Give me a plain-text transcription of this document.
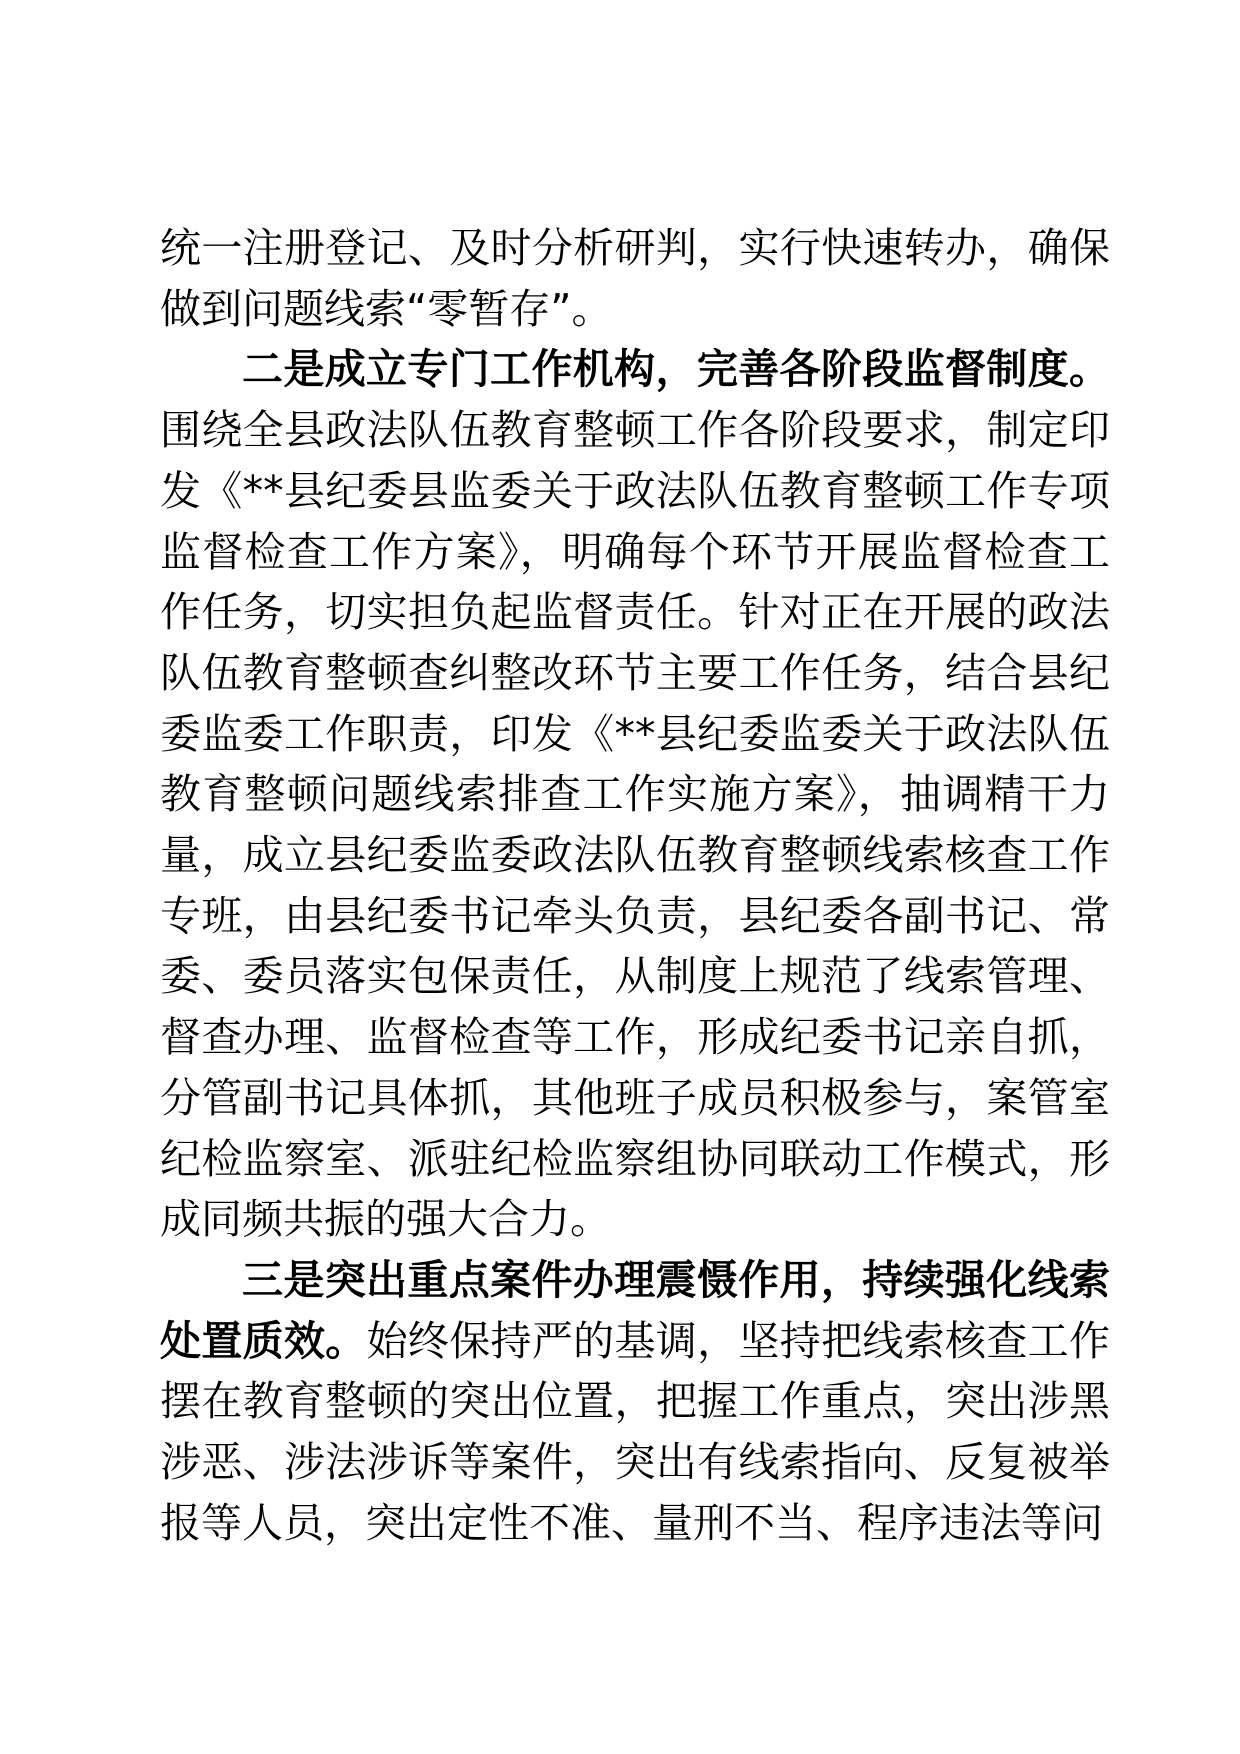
统一注册登记、及时分析研判，实行快速转办，确保做到问题线索“零暂存”。

二是成立专门工作机构，完善各阶段监督制度。围绕全县政法队伍教育整顿工作各阶段要求，制定印发《**县纪委县监委关于政法队伍教育整顿工作专项监督检查工作方案》，明确每个环节开展监督检查工作任务，切实担负起监督责任。针对正在开展的政法队伍教育整顿查纠整改环节主要工作任务，结合县纪委监委工作职责，印发《**县纪委监委关于政法队伍教育整顿问题线索排查工作实施方案》，抽调精干力量，成立县纪委监委政法队伍教育整顿线索核查工作专班，由县纪委书记牵头负责，县纪委各副书记、常委、委员落实包保责任，从制度上规范了线索管理、督查办理、监督检查等工作，形成纪委书记亲自抓，分管副书记具体抓，其他班子成员积极参与，案管室纪检监察室、派驻纪检监察组协同联动工作模式，形成同频共振的强大合力。

三是突出重点案件办理震慑作用，持续强化线索处置质效。始终保持严的基调，坚持把线索核查工作摆在教育整顿的突出位置，把握工作重点，突出涉黑涉恶、涉法涉诉等案件，突出有线索指向、反复被举报等人员，突出定性不准、量刑不当、程序违法等问
